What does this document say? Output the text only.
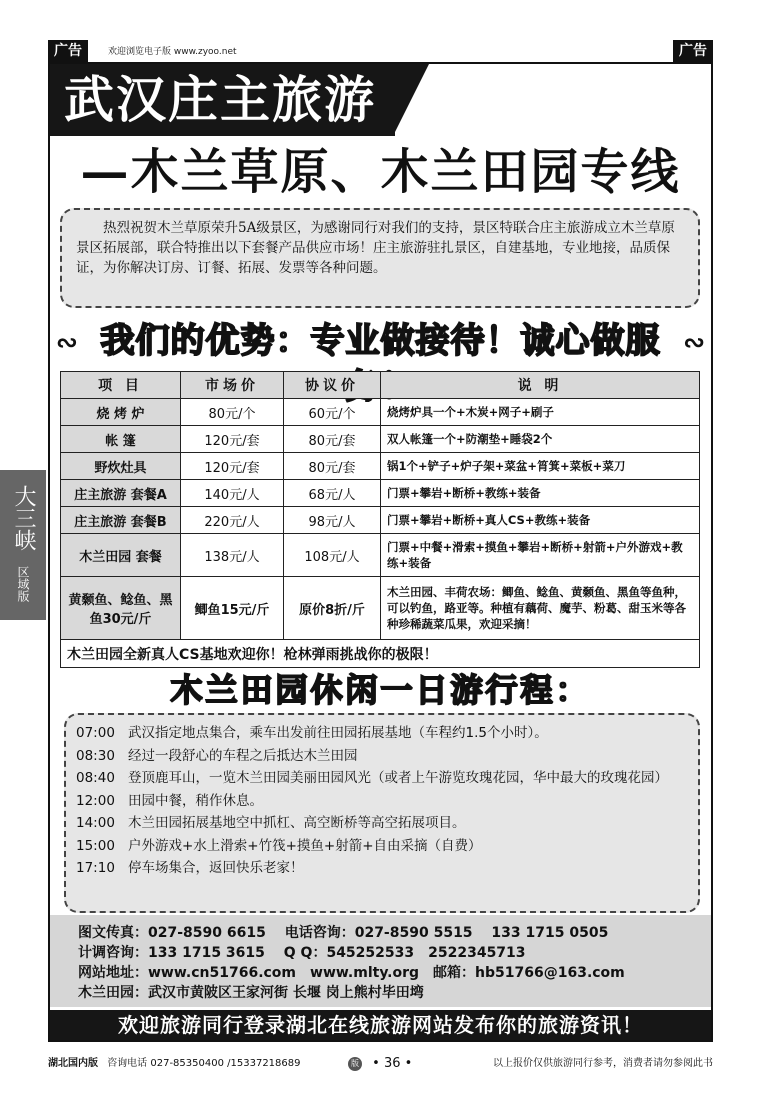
广告	欢迎浏览电子版 www.zyoo.net	广告
武汉庄主旅游
—木兰草原、木兰田园专线
热烈祝贺木兰草原荣升5A级景区，为感谢同行对我们的支持，景区特联合庄主旅游成立木兰草原景区拓展部，联合特推出以下套餐产品供应市场！庄主旅游驻扎景区，自建基地，专业地接，品质保证，为你解决订房、订餐、拓展、发票等各种问题。
∾ 我们的优势：专业做接待！诚心做服 ∾
项 目	市场价	协议价	说 明
烧 烤 炉	80元/个	60元/个	烧烤炉具一个+木炭+网子+刷子
帐 篷	120元/套	80元/套	双人帐篷一个+防潮垫+睡袋2个
野炊灶具	120元/套	80元/套	锅1个+铲子+炉子架+菜盆+筲箕+菜板+菜刀
庄主旅游 套餐A	140元/人	68元/人	门票+攀岩+断桥+教练+装备
庄主旅游 套餐B	220元/人	98元/人	门票+攀岩+断桥+真人CS+教练+装备
木兰田园 套餐	138元/人	108元/人	门票+中餐+滑索+摸鱼+攀岩+断桥+射箭+户外游戏+教练+装备
黄颡鱼、鲶鱼、黑鱼30元/斤	鲫鱼15元/斤	原价8折/斤	木兰田园、丰荷农场：鲫鱼、鲶鱼、黄颡鱼、黑鱼等鱼种，可以钓鱼，路亚等。种植有藕荷、魔芋、粉葛、甜玉米等各种珍稀蔬菜瓜果，欢迎采摘！
木兰田园全新真人CS基地欢迎你！枪林弹雨挑战你的极限！			
木兰田园休闲一日游行程：
07:00 武汉指定地点集合，乘车出发前往田园拓展基地（车程约1.5个小时）。
08:30 经过一段舒心的车程之后抵达木兰田园
08:40 登顶鹿耳山，一览木兰田园美丽田园风光（或者上午游览玫瑰花园，华中最大的玫瑰花园）
12:00 田园中餐，稍作休息。
14:00 木兰田园拓展基地空中抓杠、高空断桥等高空拓展项目。
15:00 户外游戏+水上滑索+竹筏+摸鱼+射箭+自由采摘（自费）
17:10 停车场集合，返回快乐老家！
图文传真：027-8590 6615　 电话咨询：027-8590 5515　 133 1715 0505
计调咨询：133 1715 3615　 Q Q：545252533　2522345713
网站地址：www.cn51766.com　www.mlty.org　邮箱：hb51766@163.com
木兰田园：武汉市黄陂区王家河街 长堰 岗上熊村毕田塆
欢迎旅游同行登录湖北在线旅游网站发布你的旅游资讯！
湖北国内版 咨询电话 027-85350400 /15337218689	版 • 36 •	以上报价仅供旅游同行参考，消费者请勿参阅此书
大三峡
区域版
